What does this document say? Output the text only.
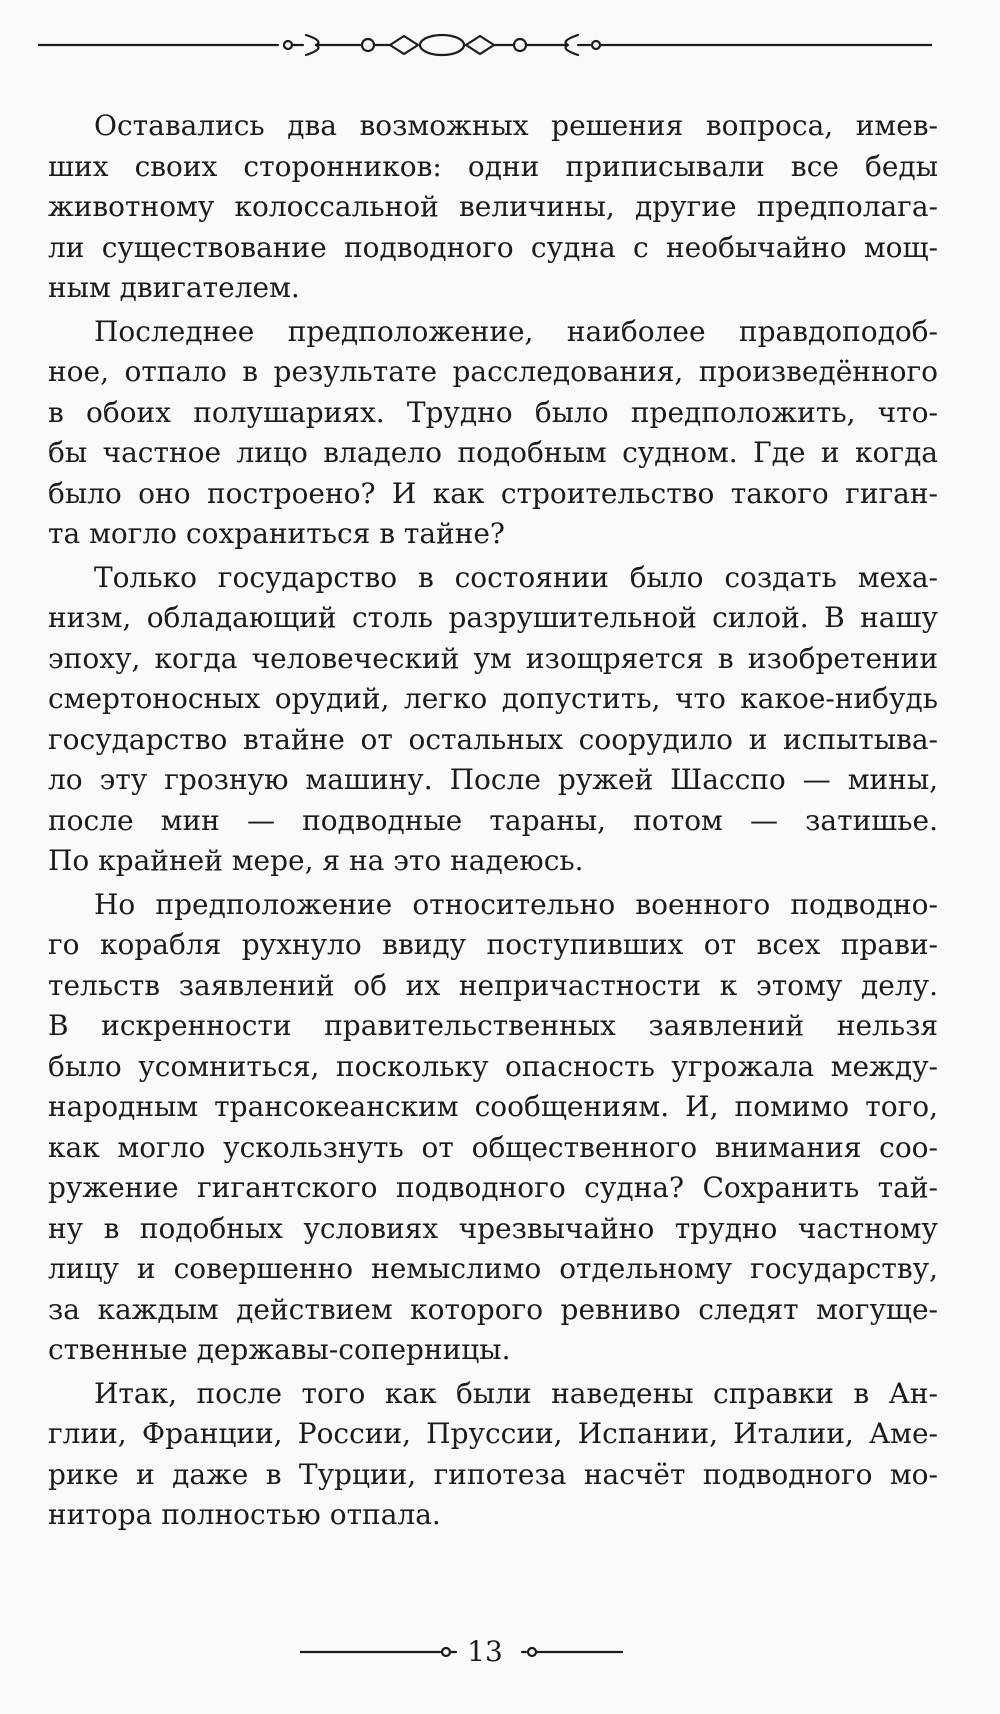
Оставались два возможных решения вопроса, имев-
ших своих сторонников: одни приписывали все беды
животному колоссальной величины, другие предполага-
ли существование подводного судна с необычайно мощ-
ным двигателем.

Последнее предположение, наиболее правдоподоб-
ное, отпало в результате расследования, произведённого
в обоих полушариях. Трудно было предположить, что-
бы частное лицо владело подобным судном. Где и когда
было оно построено? И как строительство такого гиган-
та могло сохраниться в тайне?

Только государство в состоянии было создать меха-
низм, обладающий столь разрушительной силой. В нашу
эпоху, когда человеческий ум изощряется в изобретении
смертоносных орудий, легко допустить, что какое-нибудь
государство втайне от остальных соорудило и испытыва-
ло эту грозную машину. После ружей Шасспо — мины,
после мин — подводные тараны, потом — затишье.
По крайней мере, я на это надеюсь.

Но предположение относительно военного подводно-
го корабля рухнуло ввиду поступивших от всех прави-
тельств заявлений об их непричастности к этому делу.
В искренности правительственных заявлений нельзя
было усомниться, поскольку опасность угрожала между-
народным трансокеанским сообщениям. И, помимо того,
как могло ускользнуть от общественного внимания соо-
ружение гигантского подводного судна? Сохранить тай-
ну в подобных условиях чрезвычайно трудно частному
лицу и совершенно немыслимо отдельному государству,
за каждым действием которого ревниво следят могуще-
ственные державы-соперницы.

Итак, после того как были наведены справки в Ан-
глии, Франции, России, Пруссии, Испании, Италии, Аме-
рике и даже в Турции, гипотеза насчёт подводного мо-
нитора полностью отпала.

13
